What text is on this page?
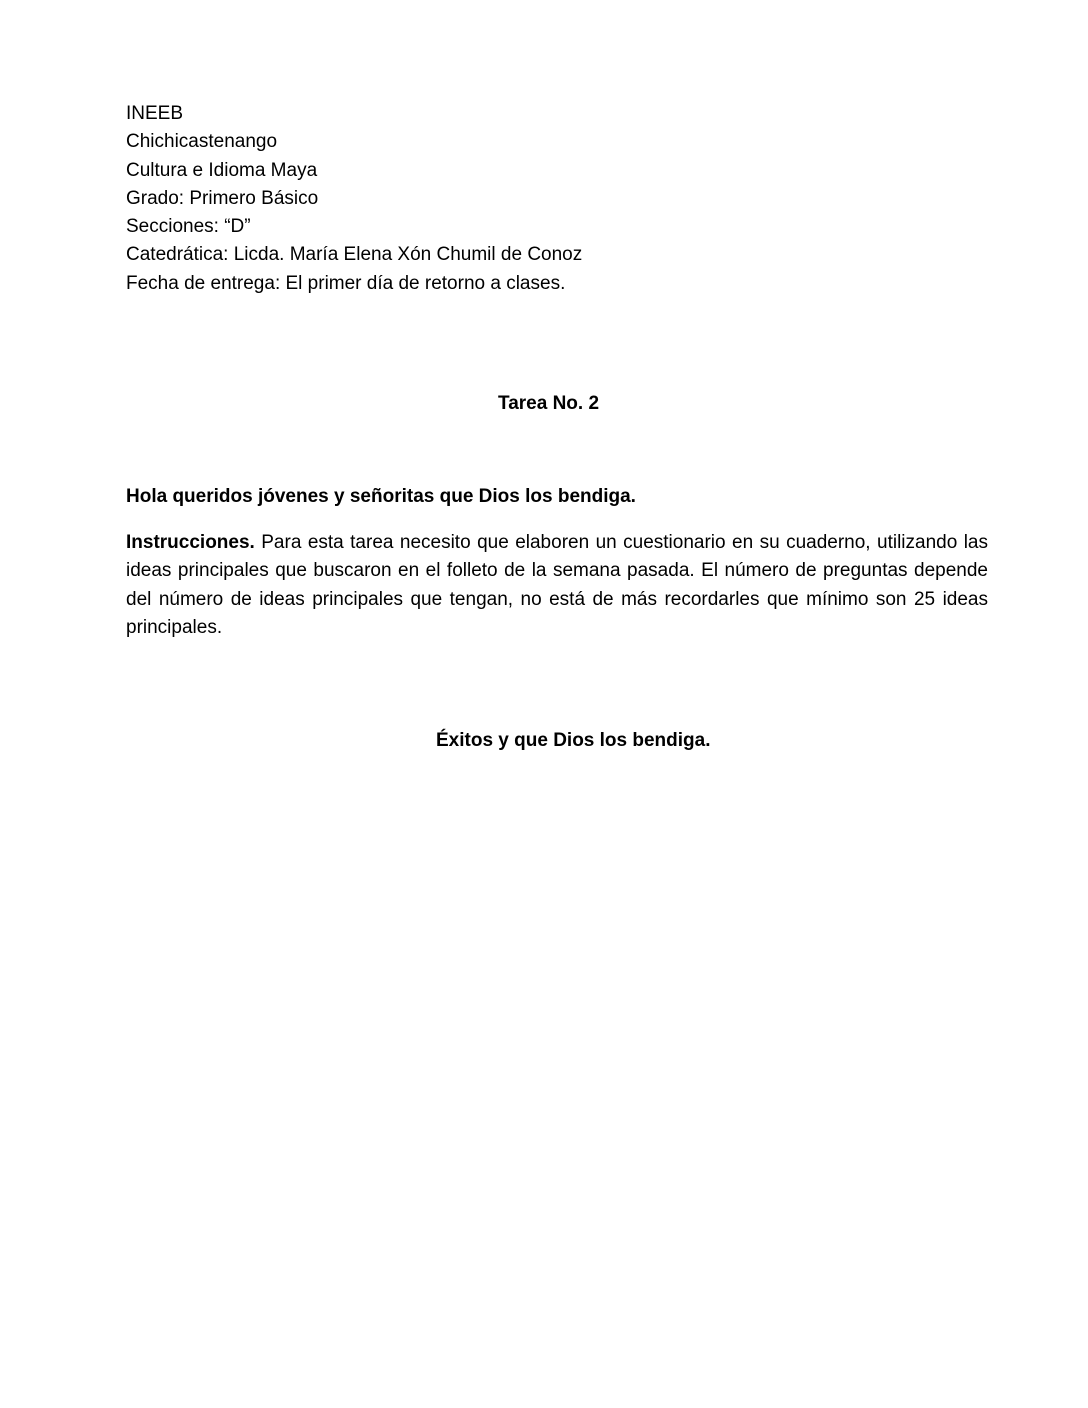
INEEB
Chichicastenango
Cultura e Idioma Maya
Grado: Primero Básico
Secciones: “D”
Catedrática: Licda. María Elena Xón Chumil de Conoz
Fecha de entrega: El primer día de retorno a clases.
Tarea No. 2
Hola queridos jóvenes y señoritas que Dios los bendiga.
Instrucciones. Para esta tarea necesito que elaboren un cuestionario en su cuaderno, utilizando las ideas principales que buscaron en el folleto de la semana pasada. El número de preguntas depende del número de ideas principales que tengan, no está de más recordarles que mínimo son 25 ideas principales.
Éxitos y que Dios los bendiga.
